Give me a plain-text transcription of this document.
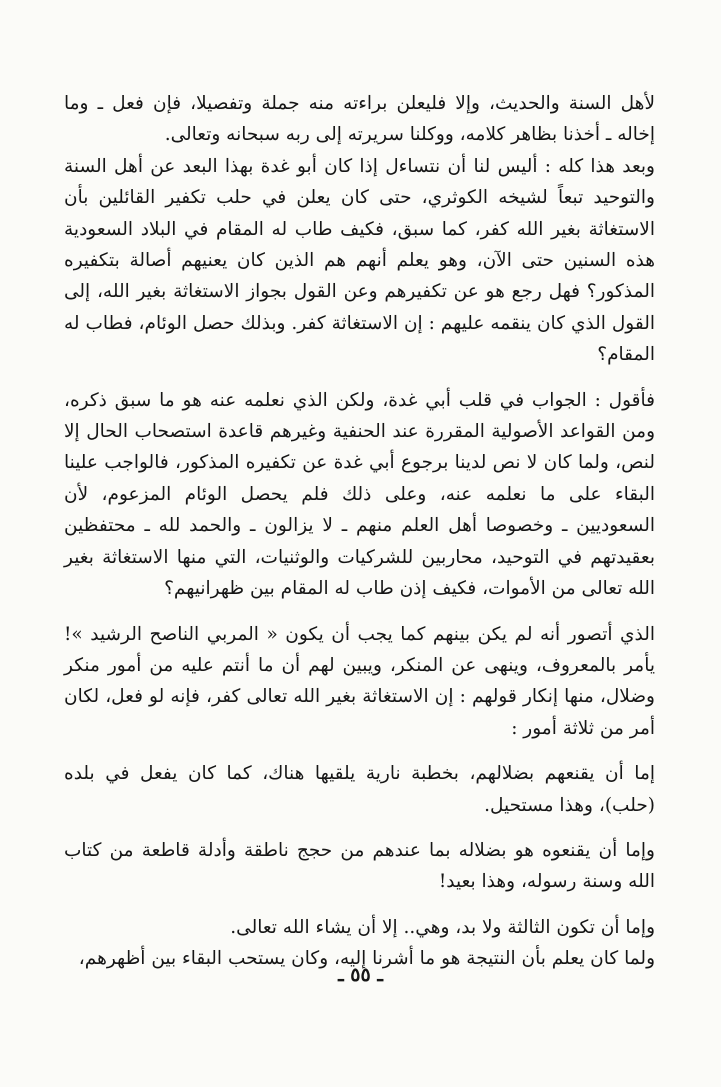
لأهل السنة والحديث، وإلا فليعلن براءته منه جملة وتفصيلا، فإن فعل ـ وما إخاله ـ أخذنا بظاهر كلامه، ووكلنا سريرته إلى ربه سبحانه وتعالى.

وبعد هذا كله : أليس لنا أن نتساءل إذا كان أبو غدة بهذا البعد عن أهل السنة والتوحيد تبعاً لشيخه الكوثري، حتى كان يعلن في حلب تكفير القائلين بأن الاستغاثة بغير الله كفر، كما سبق، فكيف طاب له المقام في البلاد السعودية هذه السنين حتى الآن، وهو يعلم أنهم هم الذين كان يعنيهم أصالة بتكفيره المذكور؟ فهل رجع هو عن تكفيرهم وعن القول بجواز الاستغاثة بغير الله، إلى القول الذي كان ينقمه عليهم : إن الاستغاثة كفر. وبذلك حصل الوئام، فطاب له المقام؟

فأقول : الجواب في قلب أبي غدة، ولكن الذي نعلمه عنه هو ما سبق ذكره، ومن القواعد الأصولية المقررة عند الحنفية وغيرهم قاعدة استصحاب الحال إلا لنص، ولما كان لا نص لدينا برجوع أبي غدة عن تكفيره المذكور، فالواجب علينا البقاء على ما نعلمه عنه، وعلى ذلك فلم يحصل الوئام المزعوم، لأن السعوديين ـ وخصوصا أهل العلم منهم ـ لا يزالون ـ والحمد لله ـ محتفظين بعقيدتهم في التوحيد، محاربين للشركيات والوثنيات، التي منها الاستغاثة بغير الله تعالى من الأموات، فكيف إذن طاب له المقام بين ظهرانيهم؟

الذي أتصور أنه لم يكن بينهم كما يجب أن يكون « المربي الناصح الرشيد »! يأمر بالمعروف، وينهى عن المنكر، ويبين لهم أن ما أنتم عليه من أمور منكر وضلال، منها إنكار قولهم : إن الاستغاثة بغير الله تعالى كفر، فإنه لو فعل، لكان أمر من ثلاثة أمور :

إما أن يقنعهم بضلالهم، بخطبة نارية يلقيها هناك، كما كان يفعل في بلده (حلب)، وهذا مستحيل.

وإما أن يقنعوه هو بضلاله بما عندهم من حجج ناطقة وأدلة قاطعة من كتاب الله وسنة رسوله، وهذا بعيد!

وإما أن تكون الثالثة ولا بد، وهي.. إلا أن يشاء الله تعالى.

ولما كان يعلم بأن النتيجة هو ما أشرنا إليه، وكان يستحب البقاء بين أظهرهم،

ـ ٥٥ ـ
